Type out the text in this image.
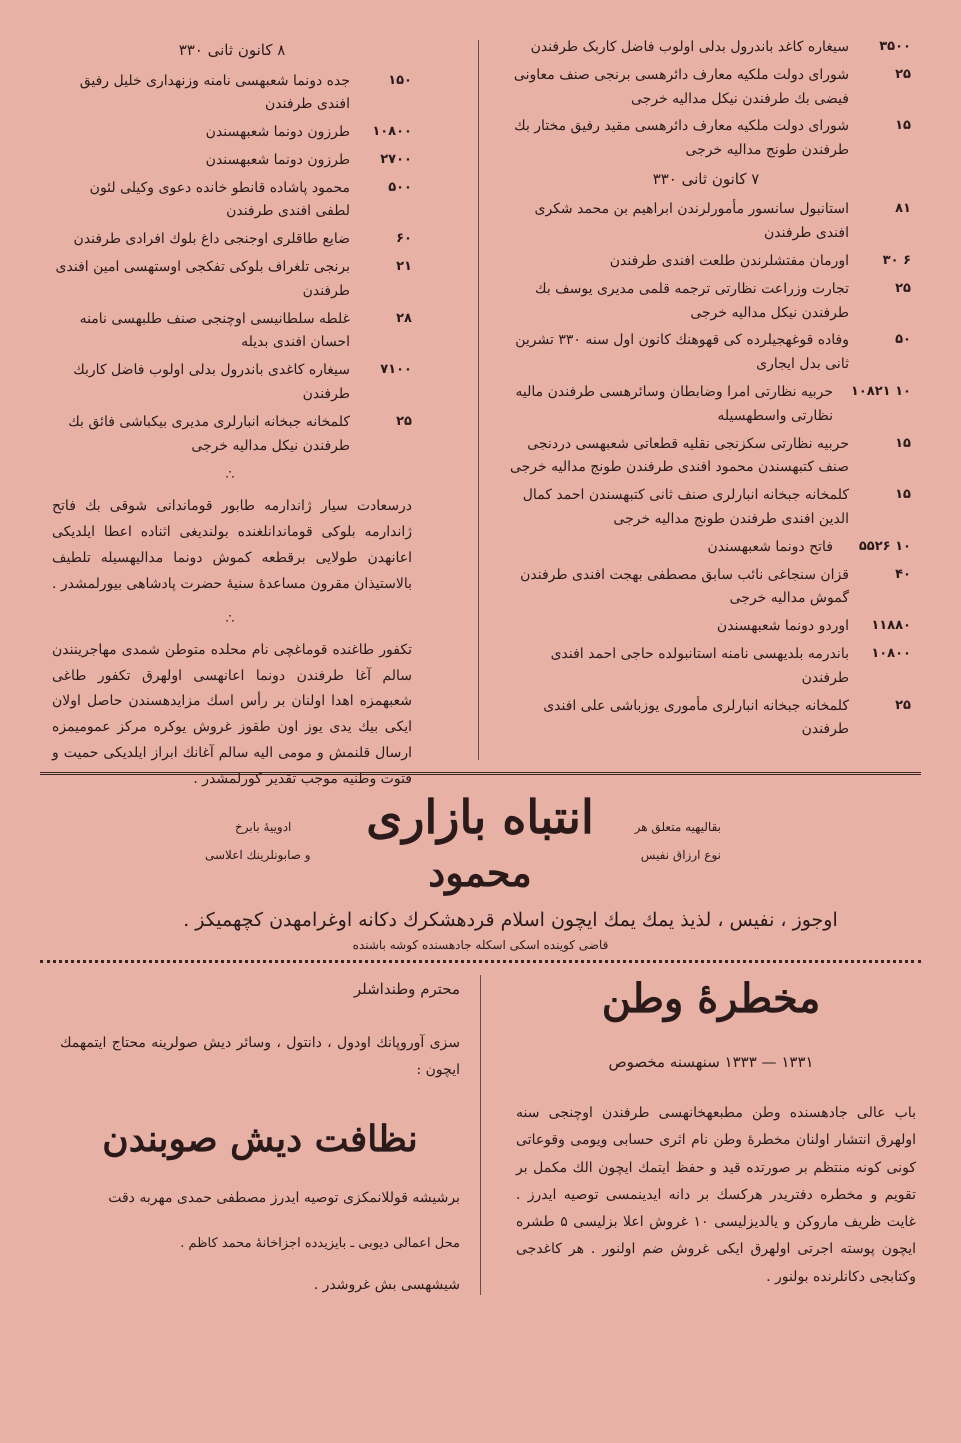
۳۵۰۰
سیغاره کاغد باندرول بدلی اولوب فاضل کاربک طرفندن
۲۵
شورای دولت ملکیه معارف دائرهسی برنجی صنف معاونی فیضی بك طرفندن نیکل مدالیه خرجی
۱۵
شورای دولت ملکیه معارف دائرهسی مقید رفیق مختار بك طرفندن طونج مدالیه خرجی
۷ کانون ثانی ۳۳۰
۸۱
استانبول سانسور مأمورلرندن ابراهیم بن محمد شکری افندی طرفندن
۶ ۳۰
اورمان مفتشلرندن طلعت افندی طرفندن
۲۵
تجارت وزراعت نظارتی ترجمه قلمی مدیری یوسف بك طرفندن نیکل مدالیه خرجی
۵۰
وفاده قوغهجیلرده کی قهوهنك کانون اول سنه ۳۳۰ تشرین ثانی بدل ایجاری
۱۰ ۱۰۸۲۱
حربیه نظارتی امرا وضابطان وسائرهسی طرفندن مالیه نظارتی واسطهسیله
۱۵
حربیه نظارتی سکزنجی نقلیه قطعاتی شعبهسی دردنجی صنف کتبهسندن محمود افندی طرفندن طونج مدالیه خرجی
۱۵
کلمخانه جبخانه انبارلری صنف ثانی کتبهسندن احمد کمال الدین افندی طرفندن طونج مدالیه خرجی
۱۰ ۵۵۲۶
فاتح دونما شعبهسندن
۴۰
قزان سنجاغی نائب سابق مصطفی بهجت افندی طرفندن گموش مدالیه خرجی
۱۱۸۸۰
اوردو دونما شعبهسندن
۱۰۸۰۰
باندرمه بلدیهسی نامنه استانبولده حاجی احمد افندی طرفندن
۲۵
کلمخانه جبخانه انبارلری مأموری یوزباشی علی افندی طرفندن
۸ کانون ثانی ۳۳۰
۱۵۰
جده دونما شعبهسی نامنه وزنهداری خلیل رفیق افندی طرفندن
۱۰۸۰۰
طرزون دونما شعبهسندن
۲۷۰۰
طرزون دونما شعبهسندن
۵۰۰
محمود پاشاده قانطو خانده دعوی وکیلی لئون لطفی افندی طرفندن
۶۰
ضایع طاقلری اوجنجی داغ بلوك افرادی طرفندن
۲۱
برنجی تلغراف بلوکی تفکجی اوستهسی امین افندی طرفندن
۲۸
غلطه سلطانیسی اوچنجی صنف طلبهسی نامنه احسان افندی بدیله
۷۱۰۰
سیغاره کاغدی باندرول بدلی اولوب فاضل کاربك طرفندن
۲۵
کلمخانه جبخانه انبارلری مدیری بیکباشی فائق بك طرفندن نیکل مدالیه خرجی
∴
درسعادت سیار ژاندارمه طابور قوماندانی شوقی بك فاتح ژاندارمه بلوکی قوماندانلغنده بولندیغی اثناده اعطا ایلدیکی اعانهدن طولایی برقطعه کموش دونما مدالیهسیله تلطیف بالاستیذان مقرون مساعدهٔ سنیهٔ حضرت پادشاهی بیورلمشدر .
∴
تکفور طاغنده قوماغچی نام محلده متوطن شمدی مهاجرینندن سالم آغا طرفندن دونما اعانهسی اولهرق تکفور طاغی شعبهمزه اهدا اولنان بر رأس اسك مزایدهسندن حاصل اولان ایکی بیك یدی یوز اون طقوز غروش یوکره مرکز عمومیمزه ارسال قلنمش و مومی الیه سالم آغانك ابراز ایلدیکی حمیت و فتوت وطنیه موجب تقدیر کورلمشدر .
انتباه بازاری
محمود
بقالیهیه متعلق هر
نوع ارزاق نفیس
ادوییهٔ بابرخ
و صابونلرینك اعلاسی
اوجوز ، نفیس ، لذیذ یمك یمك ایچون اسلام قردهشکرك دکانه اوغرامهدن کچهمیکز .
قاضی کوینده اسکی اسکله جادهسنده کوشه باشنده
مخطرهٔ وطن
۱۳۳۱ — ۱۳۳۳ سنهسنه مخصوص
باب عالی جادهسنده وطن مطبعهخانهسی طرفندن اوچنجی سنه اولهرق انتشار اولنان مخطرهٔ وطن نام اثری حسابی ویومی وقوعاتی کونی کونه منتظم بر صورتده قید و حفظ ایتمك ایچون الك مکمل بر تقویم و مخطره دفتریدر هرکسك بر دانه ایدینمسی توصیه ایدرز . غایت ظریف ماروکن و یالدیزلیسی ۱۰ غروش اعلا بزلیسی ۵ طشره ایچون پوسته اجرتی اولهرق ایکی غروش ضم اولنور . هر کاغدجی وکتابجی دکانلرنده بولنور .
محترم وطنداشلر
سزی آوروپانك اودول ، دانتول ، وسائر دیش صولرینه محتاج ایتمهمك ایچون :
نظافت دیش صوبندن
برشیشه قوللانمکزی توصیه ایدرز مصطفی حمدی مهربه دقت
محل اعمالی دیوبی ـ بایزیدده اجزاخانهٔ محمد کاظم .
شیشهسی بش غروشدر .
